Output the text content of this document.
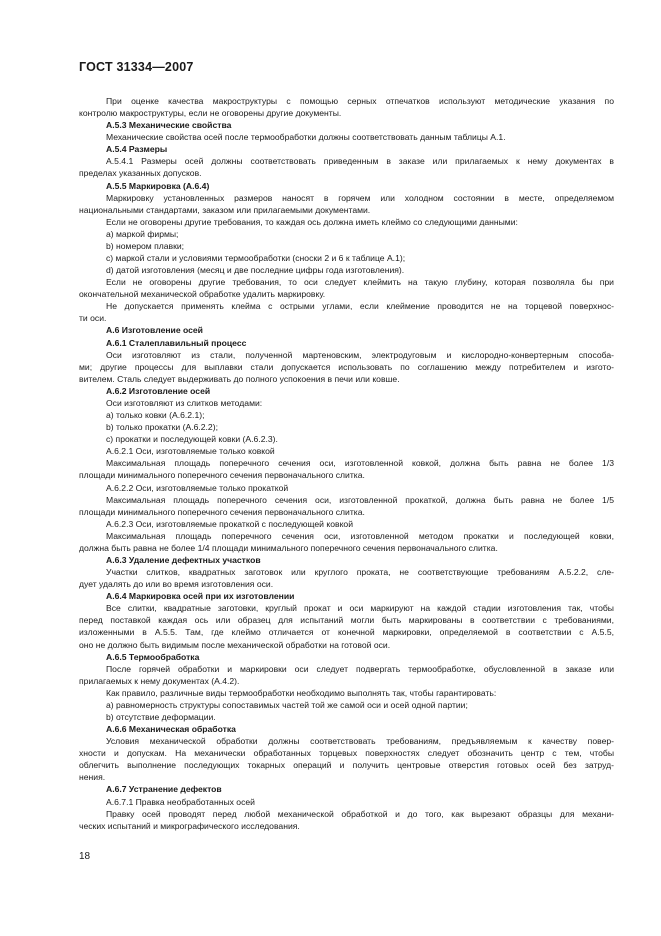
ГОСТ 31334—2007
При оценке качества макроструктуры с помощью серных отпечатков используют методические указания по
контролю макроструктуры, если не оговорены другие документы.
А.5.3 Механические свойства
Механические свойства осей после термообработки должны соответствовать данным таблицы А.1.
А.5.4 Размеры
А.5.4.1 Размеры осей должны соответствовать приведенным в заказе или прилагаемых к нему документах в
пределах указанных допусков.
А.5.5 Маркировка (А.6.4)
Маркировку установленных размеров наносят в горячем или холодном состоянии в месте, определяемом
национальными стандартами, заказом или прилагаемыми документами.
Если не оговорены другие требования, то каждая ось должна иметь клеймо со следующими данными:
а) маркой фирмы;
b) номером плавки;
с) маркой стали и условиями термообработки (сноски 2 и 6 к таблице А.1);
d) датой изготовления (месяц и две последние цифры года изготовления).
Если не оговорены другие требования, то оси следует клеймить на такую глубину, которая позволяла бы при
окончательной механической обработке удалить маркировку.
Не допускается применять клейма с острыми углами, если клеймение проводится не на торцевой поверхнос-
ти оси.
А.6 Изготовление осей
А.6.1 Сталеплавильный процесс
Оси изготовляют из стали, полученной мартеновским, электродуговым и кислородно-конвертерным способа-
ми; другие процессы для выплавки стали допускается использовать по соглашению между потребителем и изгото-
вителем. Сталь следует выдерживать до полного успокоения в печи или ковше.
А.6.2 Изготовление осей
Оси изготовляют из слитков методами:
а) только ковки (А.6.2.1);
b) только прокатки (А.6.2.2);
с) прокатки и последующей ковки (А.6.2.3).
А.6.2.1 Оси, изготовляемые только ковкой
Максимальная площадь поперечного сечения оси, изготовленной ковкой, должна быть равна не более 1/3
площади минимального поперечного сечения первоначального слитка.
А.6.2.2 Оси, изготовляемые только прокаткой
Максимальная площадь поперечного сечения оси, изготовленной прокаткой, должна быть равна не более 1/5
площади минимального поперечного сечения первоначального слитка.
А.6.2.3 Оси, изготовляемые прокаткой с последующей ковкой
Максимальная площадь поперечного сечения оси, изготовленной методом прокатки и последующей ковки,
должна быть равна не более 1/4 площади минимального поперечного сечения первоначального слитка.
А.6.3 Удаление дефектных участков
Участки слитков, квадратных заготовок или круглого проката, не соответствующие требованиям А.5.2.2, сле-
дует удалять до или во время изготовления оси.
А.6.4 Маркировка осей при их изготовлении
Все слитки, квадратные заготовки, круглый прокат и оси маркируют на каждой стадии изготовления так, чтобы
перед поставкой каждая ось или образец для испытаний могли быть маркированы в соответствии с требованиями,
изложенными в А.5.5. Там, где клеймо отличается от конечной маркировки, определяемой в соответствии с А.5.5,
оно не должно быть видимым после механической обработки на готовой оси.
А.6.5 Термообработка
После горячей обработки и маркировки оси следует подвергать термообработке, обусловленной в заказе или
прилагаемых к нему документах (А.4.2).
Как правило, различные виды термообработки необходимо выполнять так, чтобы гарантировать:
а) равномерность структуры сопоставимых частей той же самой оси и осей одной партии;
b) отсутствие деформации.
А.6.6 Механическая обработка
Условия механической обработки должны соответствовать требованиям, предъявляемым к качеству повер-
хности и допускам. На механически обработанных торцевых поверхностях следует обозначить центр с тем, чтобы
облегчить выполнение последующих токарных операций и получить центровые отверстия готовых осей без затруд-
нения.
А.6.7 Устранение дефектов
А.6.7.1 Правка необработанных осей
Правку осей проводят перед любой механической обработкой и до того, как вырезают образцы для механи-
ческих испытаний и микрографического исследования.
18
